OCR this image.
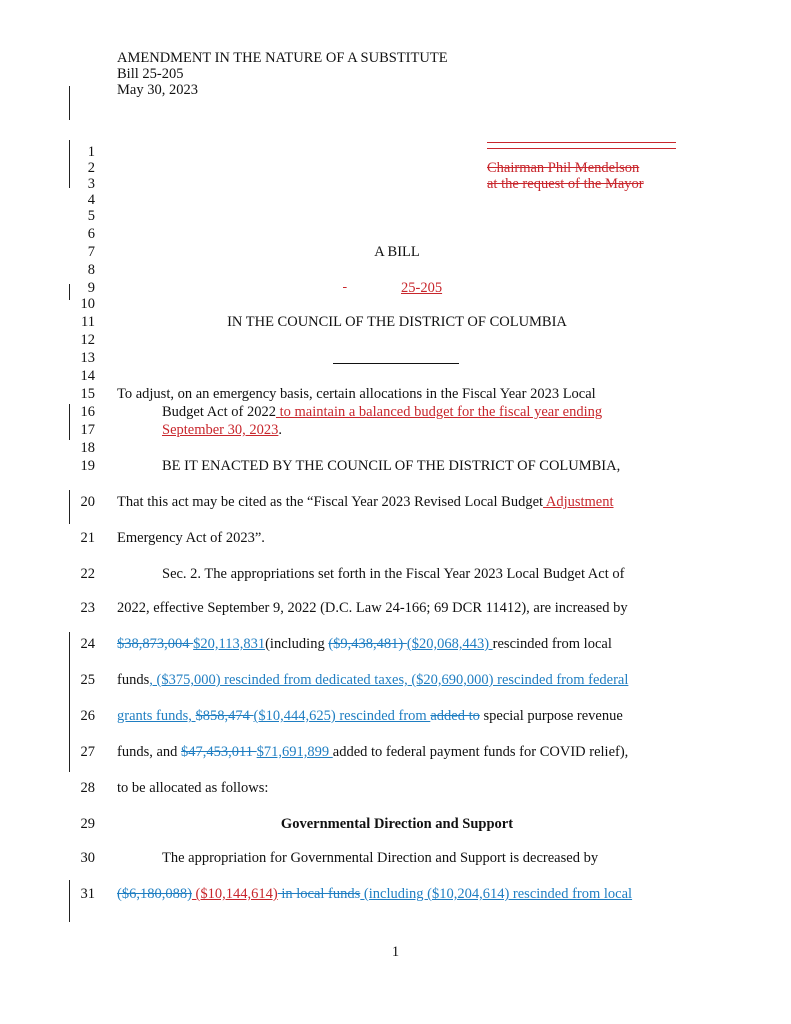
AMENDMENT IN THE NATURE OF A SUBSTITUTE
Bill 25-205
May 30, 2023
1
2
3
4
5
6
7
8
9
10
11
12
13
14
15
16
17
18
19
20
21
22
23
24
25
26
27
28
29
30
31
Chairman Phil Mendelson
at the request of the Mayor
A BILL
25-205
IN THE COUNCIL OF THE DISTRICT OF COLUMBIA
To adjust, on an emergency basis, certain allocations in the Fiscal Year 2023 Local
Budget Act of 2022 to maintain a balanced budget for the fiscal year ending
September 30, 2023.
BE IT ENACTED BY THE COUNCIL OF THE DISTRICT OF COLUMBIA,
That this act may be cited as the “Fiscal Year 2023 Revised Local Budget Adjustment
Emergency Act of 2023”.
Sec. 2. The appropriations set forth in the Fiscal Year 2023 Local Budget Act of
2022, effective September 9, 2022 (D.C. Law 24-166; 69 DCR 11412), are increased by
$38,873,004 $20,113,831(including ($9,438,481) ($20,068,443) rescinded from local
funds, ($375,000) rescinded from dedicated taxes, ($20,690,000) rescinded from federal
grants funds, $858,474 ($10,444,625) rescinded from added to special purpose revenue
funds, and $47,453,011 $71,691,899 added to federal payment funds for COVID relief),
to be allocated as follows:
Governmental Direction and Support
The appropriation for Governmental Direction and Support is decreased by
($6,180,088) ($10,144,614) in local funds (including ($10,204,614) rescinded from local
1
